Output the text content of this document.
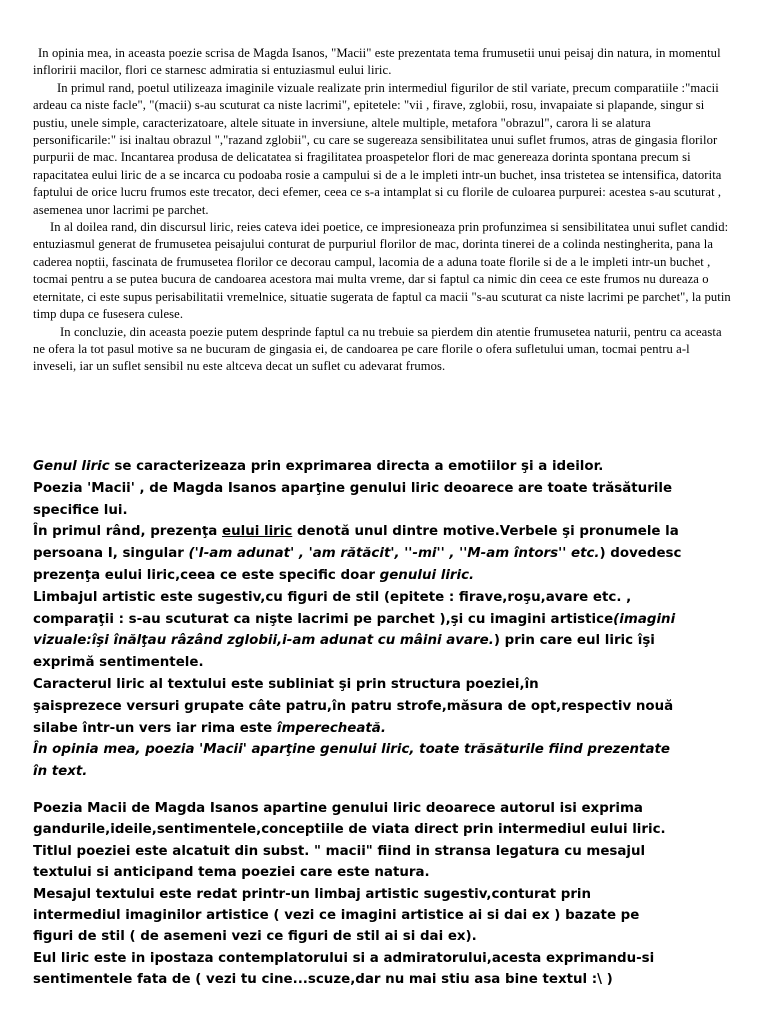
In opinia mea, in aceasta poezie scrisa de Magda Isanos, "Macii" este prezentata tema frumusetii unui peisaj din natura, in momentul infloririi macilor, flori ce starnesc admiratia si entuziasmul eului liric.

In primul rand, poetul utilizeaza imaginile vizuale realizate prin intermediul figurilor de stil variate, precum comparatiile :"macii ardeau ca niste facle", "(macii) s-au scuturat ca niste lacrimi", epitetele: "vii , firave, zglobii, rosu, invapaiate si plapande, singur si pustiu, unele simple, caracterizatoare, altele situate in inversiune, altele multiple, metafora "obrazul", carora li se alatura personificarile:" isi inaltau obrazul ","razand zglobii", cu care se sugereaza sensibilitatea unui suflet frumos, atras de gingasia florilor purpurii de mac. Incantarea produsa de delicatatea si fragilitatea proaspetelor flori de mac genereaza dorinta spontana precum si rapacitatea eului liric de a se incarca cu podoaba rosie a campului si de a le impleti intr-un buchet, insa tristetea se intensifica, datorita faptului de orice lucru frumos este trecator, deci efemer, ceea ce s-a intamplat si cu florile de culoarea purpurei: acestea s-au scuturat , asemenea unor lacrimi pe parchet.

In al doilea rand, din discursul liric, reies cateva idei poetice, ce impresioneaza prin profunzimea si sensibilitatea unui suflet candid: entuziasmul generat de frumusetea peisajului conturat de purpuriul florilor de mac, dorinta tinerei de a colinda nestingherita, pana la caderea noptii, fascinata de frumusetea florilor ce decorau campul, lacomia de a aduna toate florile si de a le impleti intr-un buchet , tocmai pentru a se putea bucura de candoarea acestora mai multa vreme, dar si faptul ca nimic din ceea ce este frumos nu dureaza o eternitate, ci este supus perisabilitatii vremelnice, situatie sugerata de faptul ca macii "s-au scuturat ca niste lacrimi pe parchet", la putin timp dupa ce fusesera culese.

In concluzie, din aceasta poezie putem desprinde faptul ca nu trebuie sa pierdem din atentie frumusetea naturii, pentru ca aceasta ne ofera la tot pasul motive sa ne bucuram de gingasia ei, de candoarea pe care florile o ofera sufletului uman, tocmai pentru a-l inveseli, iar un suflet sensibil nu este altceva decat un suflet cu adevarat frumos.

Genul liric se caracterizeaza prin exprimarea directa a emotiilor şi a ideilor.

Poezia 'Macii' , de Magda Isanos aparţine genului liric deoarece are toate trăsăturile

specifice lui.

În primul rând, prezenţa eului liric denotă unul dintre motive.Verbele şi pronumele la

persoana I, singular ('I-am adunat' , 'am rătăcit', ''-mi'' , ''M-am întors'' etc.) dovedesc

prezenţa eului liric,ceea ce este specific doar genului liric.

Limbajul artistic este sugestiv,cu figuri de stil (epitete : firave,roşu,avare etc. ,

comparaţii : s-au scuturat ca nişte lacrimi pe parchet ),şi cu imagini artistice(imagini

vizuale:îşi înălţau râzând zglobii,i-am adunat cu mâini avare.) prin care eul liric îşi

exprimă sentimentele.

Caracterul liric al textului este subliniat şi prin structura poeziei,în

şaisprezece versuri grupate câte patru,în patru strofe,măsura de opt,respectiv nouă

silabe într-un vers iar rima este împerecheată.

În opinia mea, poezia 'Macii' aparţine genului liric, toate trăsăturile fiind prezentate

în text.

Poezia Macii de Magda Isanos apartine genului liric deoarece autorul isi exprima

gandurile,ideile,sentimentele,conceptiile de viata direct prin intermediul eului liric.

Titlul poeziei este alcatuit din subst. " macii" fiind in stransa legatura cu mesajul

textului si anticipand tema poeziei care este natura.

Mesajul textului este redat printr-un limbaj artistic sugestiv,conturat prin

intermediul imaginilor artistice ( vezi ce imagini artistice ai si dai ex ) bazate pe

figuri de stil ( de asemeni vezi ce figuri de stil ai si dai ex).

Eul liric este in ipostaza contemplatorului si a admiratorului,acesta exprimandu-si

sentimentele fata de ( vezi tu cine...scuze,dar nu mai stiu asa bine textul :\ )
